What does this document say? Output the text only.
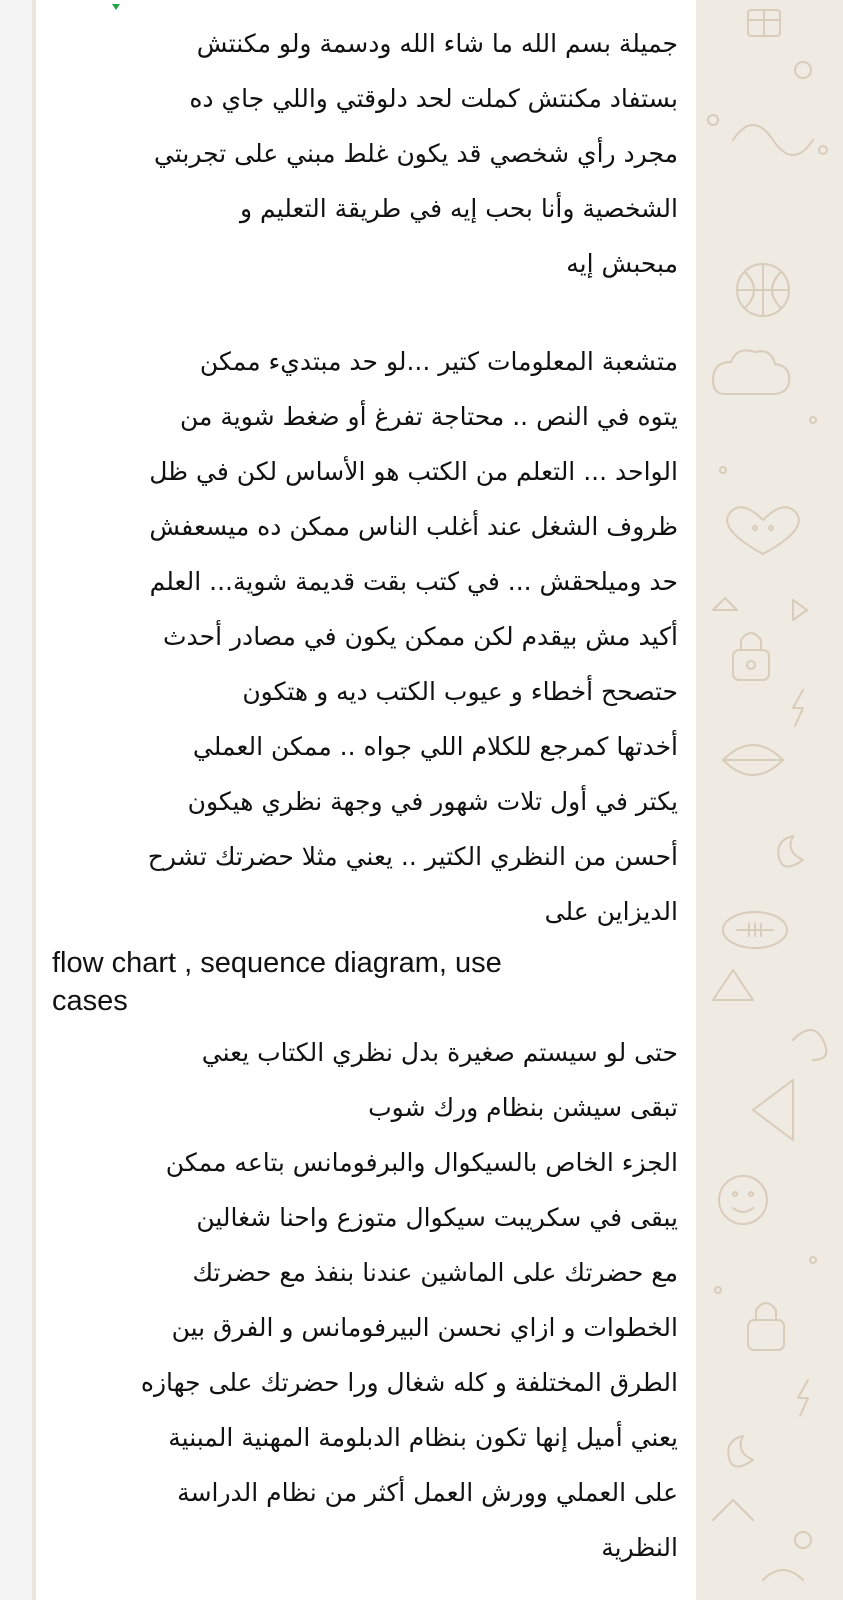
جميلة بسم الله ما شاء الله ودسمة ولو مكنتش
بستفاد مكنتش كملت لحد دلوقتي واللي جاي ده
مجرد رأي شخصي قد يكون غلط مبني على تجربتي
الشخصية وأنا بحب إيه في طريقة التعليم و
مبحبش إيه
متشعبة المعلومات كتير ...لو حد مبتديء ممكن
يتوه في النص .. محتاجة تفرغ أو ضغط شوية من
الواحد ... التعلم من الكتب هو الأساس لكن في ظل
ظروف الشغل عند أغلب الناس ممكن ده ميسعفش
حد وميلحقش ... في كتب بقت قديمة شوية... العلم
أكيد مش بيقدم لكن ممكن يكون في مصادر أحدث
حتصحح أخطاء و عيوب الكتب ديه و هتكون
أخدتها كمرجع للكلام اللي جواه .. ممكن العملي
يكتر في أول تلات شهور في وجهة نظري هيكون
أحسن من النظري الكتير .. يعني مثلا حضرتك تشرح
الديزاين على
flow chart , sequence diagram, use
cases
حتى لو سيستم صغيرة بدل نظري الكتاب يعني
تبقى سيشن بنظام ورك شوب
الجزء الخاص بالسيكوال والبرفومانس بتاعه ممكن
يبقى في سكريبت سيكوال متوزع واحنا شغالين
مع حضرتك على الماشين عندنا بنفذ مع حضرتك
الخطوات و ازاي نحسن البيرفومانس و الفرق بين
الطرق المختلفة و كله شغال ورا حضرتك على جهازه
يعني أميل إنها تكون بنظام الدبلومة المهنية المبنية
على العملي وورش العمل أكثر من نظام الدراسة
النظرية
